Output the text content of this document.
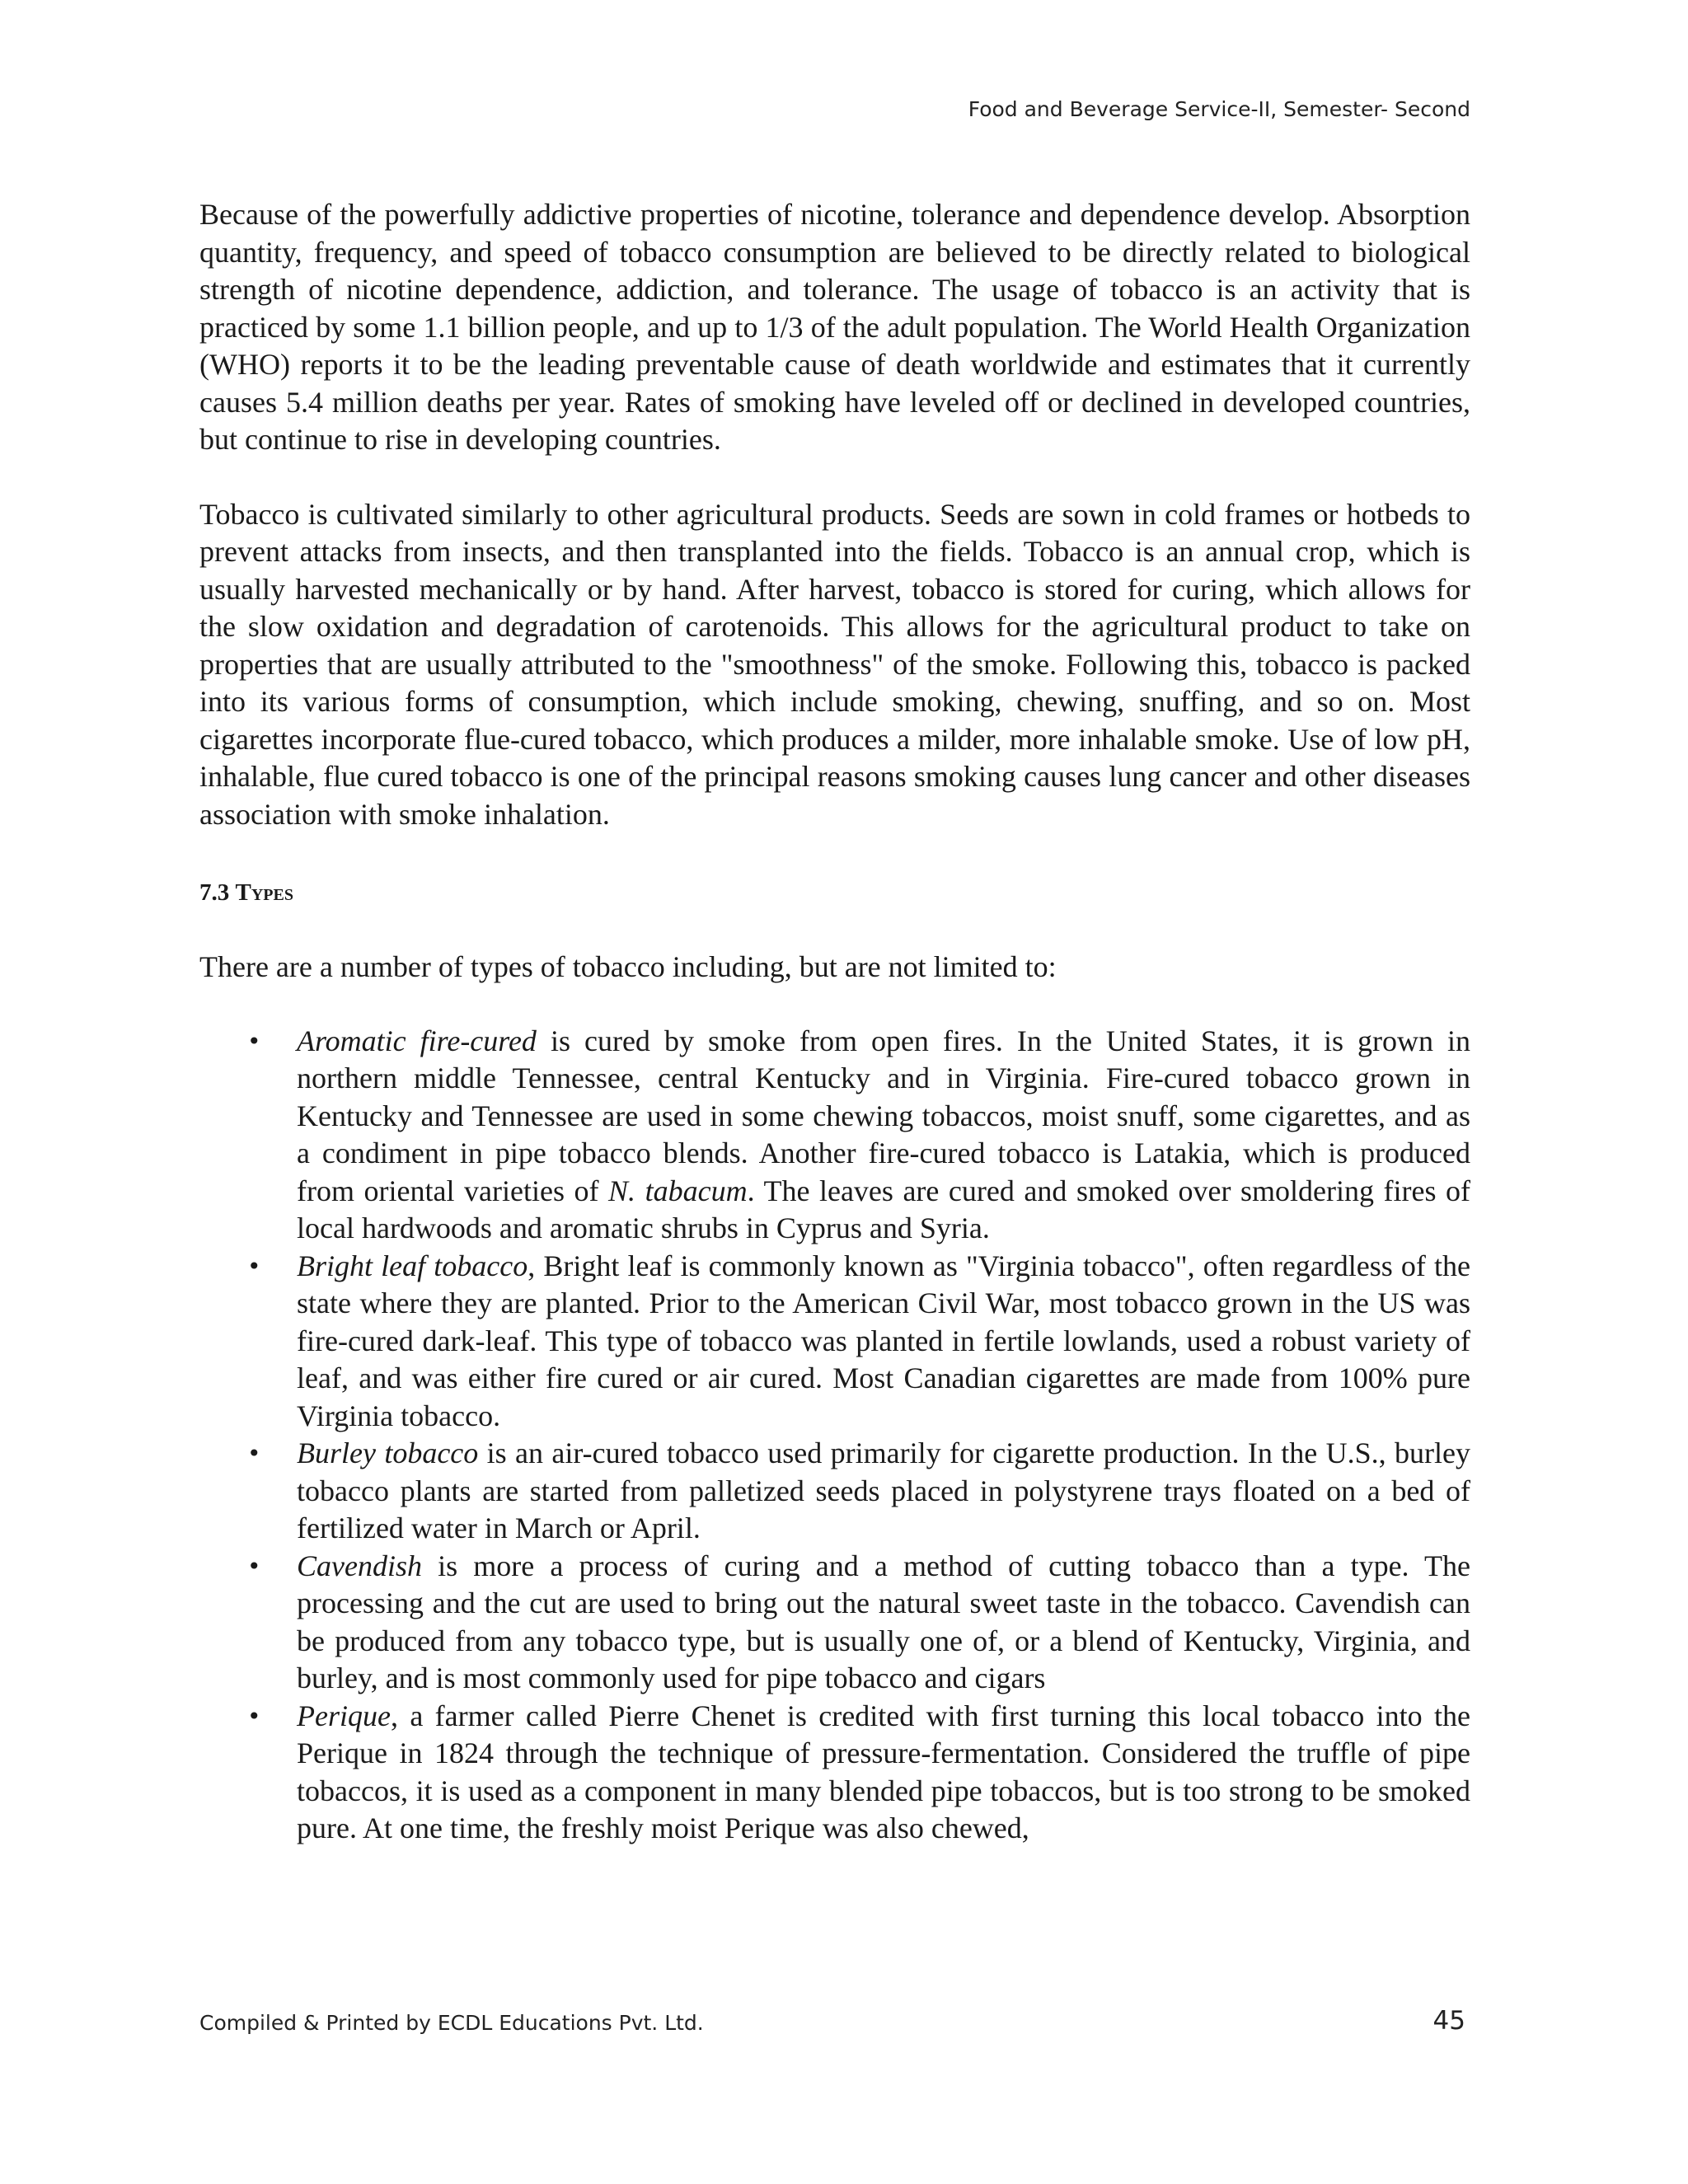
Food and Beverage Service-II, Semester- Second

Because of the powerfully addictive properties of nicotine, tolerance and dependence develop. Absorption quantity, frequency, and speed of tobacco consumption are believed to be directly related to biological strength of nicotine dependence, addiction, and tolerance. The usage of tobacco is an activity that is practiced by some 1.1 billion people, and up to 1/3 of the adult population. The World Health Organization (WHO) reports it to be the leading preventable cause of death worldwide and estimates that it currently causes 5.4 million deaths per year. Rates of smoking have leveled off or declined in developed countries, but continue to rise in developing countries.

Tobacco is cultivated similarly to other agricultural products. Seeds are sown in cold frames or hotbeds to prevent attacks from insects, and then transplanted into the fields. Tobacco is an annual crop, which is usually harvested mechanically or by hand. After harvest, tobacco is stored for curing, which allows for the slow oxidation and degradation of carotenoids. This allows for the agricultural product to take on properties that are usually attributed to the "smoothness" of the smoke. Following this, tobacco is packed into its various forms of consumption, which include smoking, chewing, snuffing, and so on. Most cigarettes incorporate flue-cured tobacco, which produces a milder, more inhalable smoke. Use of low pH, inhalable, flue cured tobacco is one of the principal reasons smoking causes lung cancer and other diseases association with smoke inhalation.

7.3 Types

There are a number of types of tobacco including, but are not limited to:

• Aromatic fire-cured is cured by smoke from open fires. In the United States, it is grown in northern middle Tennessee, central Kentucky and in Virginia. Fire-cured tobacco grown in Kentucky and Tennessee are used in some chewing tobaccos, moist snuff, some cigarettes, and as a condiment in pipe tobacco blends. Another fire-cured tobacco is Latakia, which is produced from oriental varieties of N. tabacum. The leaves are cured and smoked over smoldering fires of local hardwoods and aromatic shrubs in Cyprus and Syria.
• Bright leaf tobacco, Bright leaf is commonly known as "Virginia tobacco", often regardless of the state where they are planted. Prior to the American Civil War, most tobacco grown in the US was fire-cured dark-leaf. This type of tobacco was planted in fertile lowlands, used a robust variety of leaf, and was either fire cured or air cured. Most Canadian cigarettes are made from 100% pure Virginia tobacco.
• Burley tobacco is an air-cured tobacco used primarily for cigarette production. In the U.S., burley tobacco plants are started from palletized seeds placed in polystyrene trays floated on a bed of fertilized water in March or April.
• Cavendish is more a process of curing and a method of cutting tobacco than a type. The processing and the cut are used to bring out the natural sweet taste in the tobacco. Cavendish can be produced from any tobacco type, but is usually one of, or a blend of Kentucky, Virginia, and burley, and is most commonly used for pipe tobacco and cigars
• Perique, a farmer called Pierre Chenet is credited with first turning this local tobacco into the Perique in 1824 through the technique of pressure-fermentation. Considered the truffle of pipe tobaccos, it is used as a component in many blended pipe tobaccos, but is too strong to be smoked pure. At one time, the freshly moist Perique was also chewed,
Compiled & Printed by ECDL Educations Pvt. Ltd.	45
